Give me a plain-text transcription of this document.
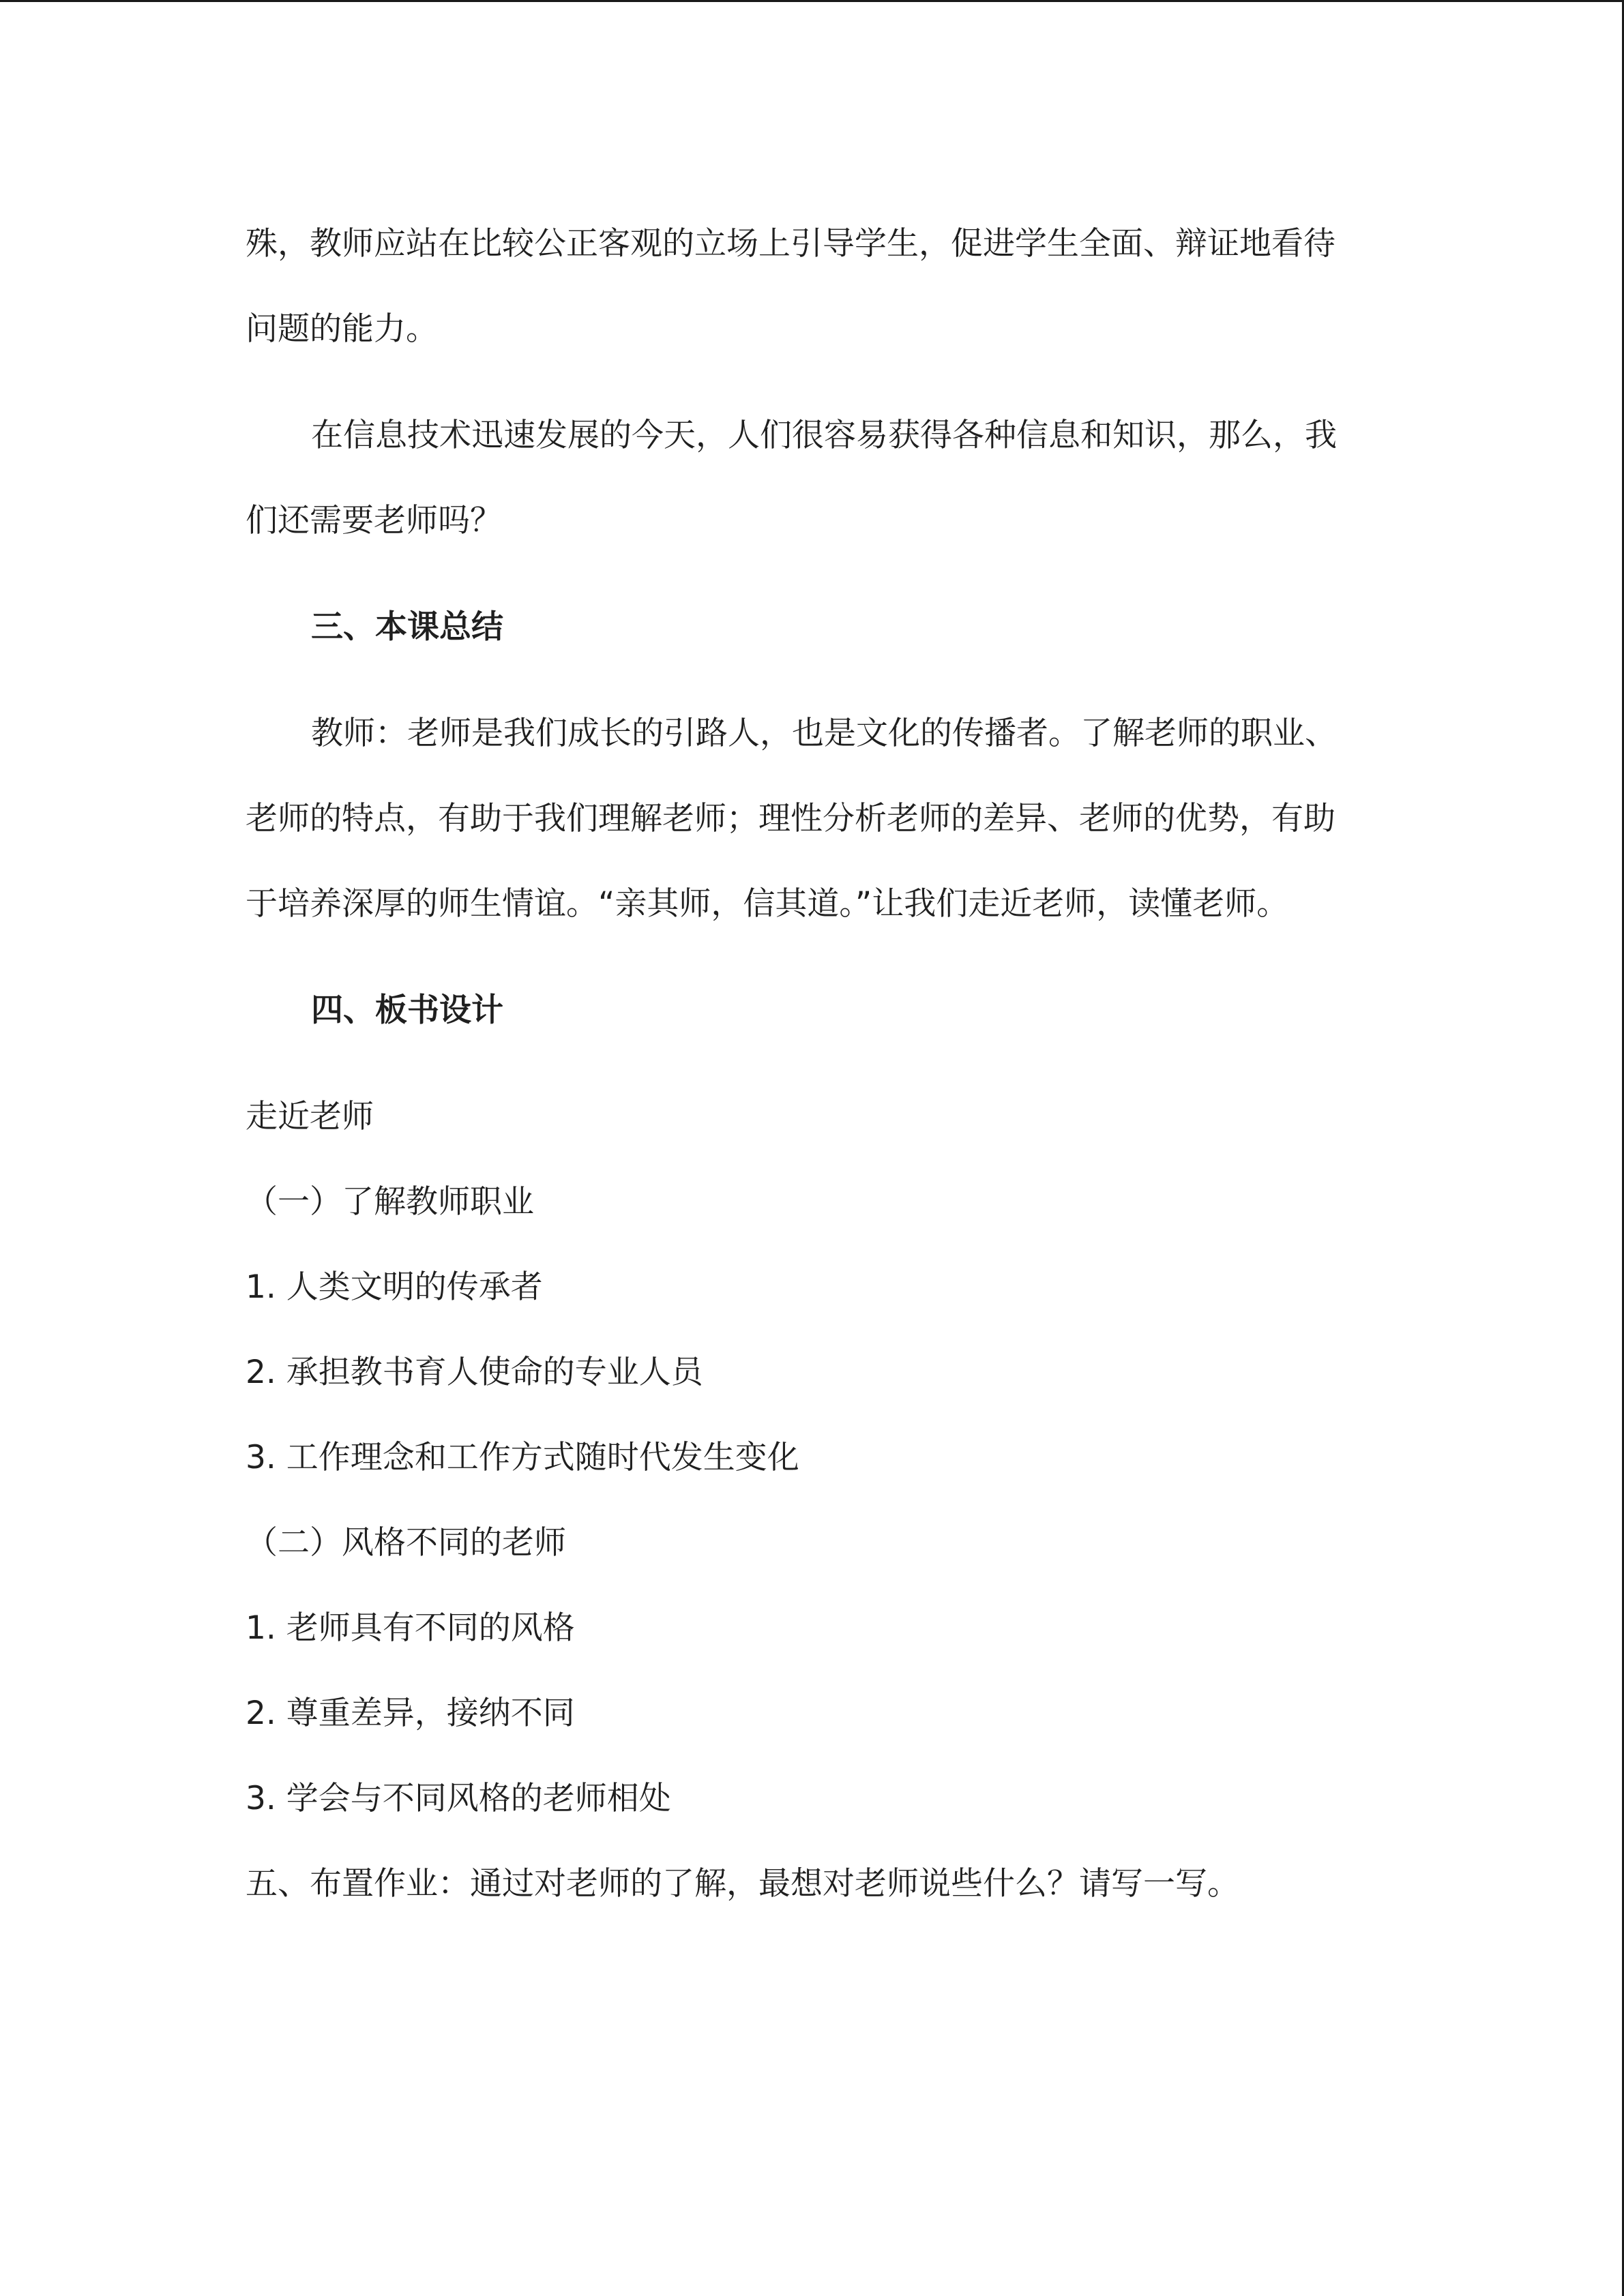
殊，教师应站在比较公正客观的立场上引导学生，促进学生全面、辩证地看待
问题的能力。
在信息技术迅速发展的今天，人们很容易获得各种信息和知识，那么，我
们还需要老师吗？
三、本课总结
教师：老师是我们成长的引路人，也是文化的传播者。了解老师的职业、
老师的特点，有助于我们理解老师；理性分析老师的差异、老师的优势，有助
于培养深厚的师生情谊。“亲其师，信其道。”让我们走近老师，读懂老师。
四、板书设计
走近老师
（一）了解教师职业
1. 人类文明的传承者
2. 承担教书育人使命的专业人员
3. 工作理念和工作方式随时代发生变化
（二）风格不同的老师
1. 老师具有不同的风格
2. 尊重差异，接纳不同
3. 学会与不同风格的老师相处
五、布置作业：通过对老师的了解，最想对老师说些什么？请写一写。
